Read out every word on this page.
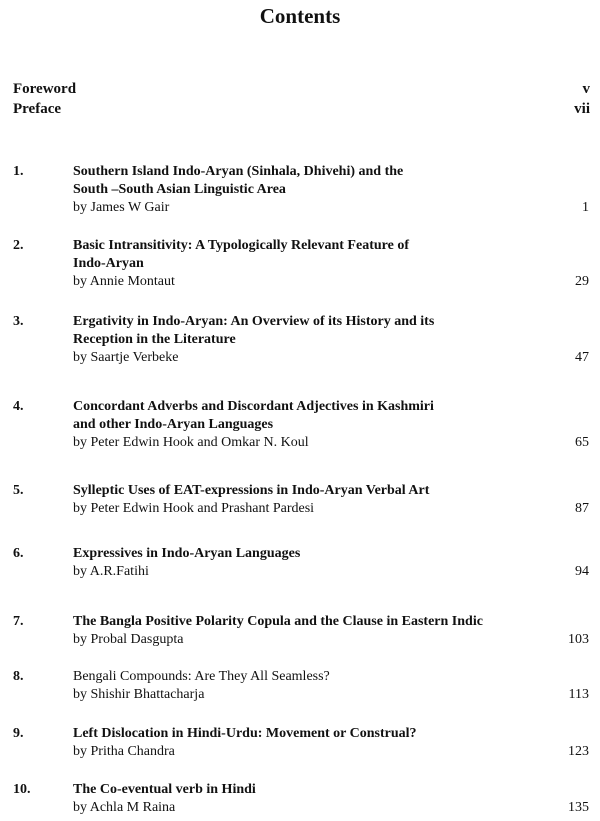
Contents
Foreword	v
Preface	vii
1.	Southern Island Indo-Aryan (Sinhala, Dhivehi) and the
South –South Asian Linguistic Area
by James W Gair	1
2.	Basic Intransitivity: A Typologically Relevant Feature of
Indo-Aryan
by Annie Montaut	29
3.	Ergativity in Indo-Aryan: An Overview of its History and its
Reception in the Literature
by Saartje Verbeke	47
4.	Concordant Adverbs and Discordant Adjectives in Kashmiri
and other Indo-Aryan Languages
by Peter Edwin Hook and Omkar N. Koul	65
5.	Sylleptic Uses of EAT-expressions in Indo-Aryan Verbal Art
by Peter Edwin Hook and Prashant Pardesi	87
6.	Expressives in Indo-Aryan Languages
by A.R.Fatihi	94
7.	The Bangla Positive Polarity Copula and the Clause in Eastern Indic
by Probal Dasgupta	103
8.	Bengali Compounds: Are They All Seamless?
by Shishir Bhattacharja	113
9.	Left Dislocation in Hindi-Urdu: Movement or Construal?
by Pritha Chandra	123
10.	The Co-eventual verb in Hindi
by Achla M Raina	135
